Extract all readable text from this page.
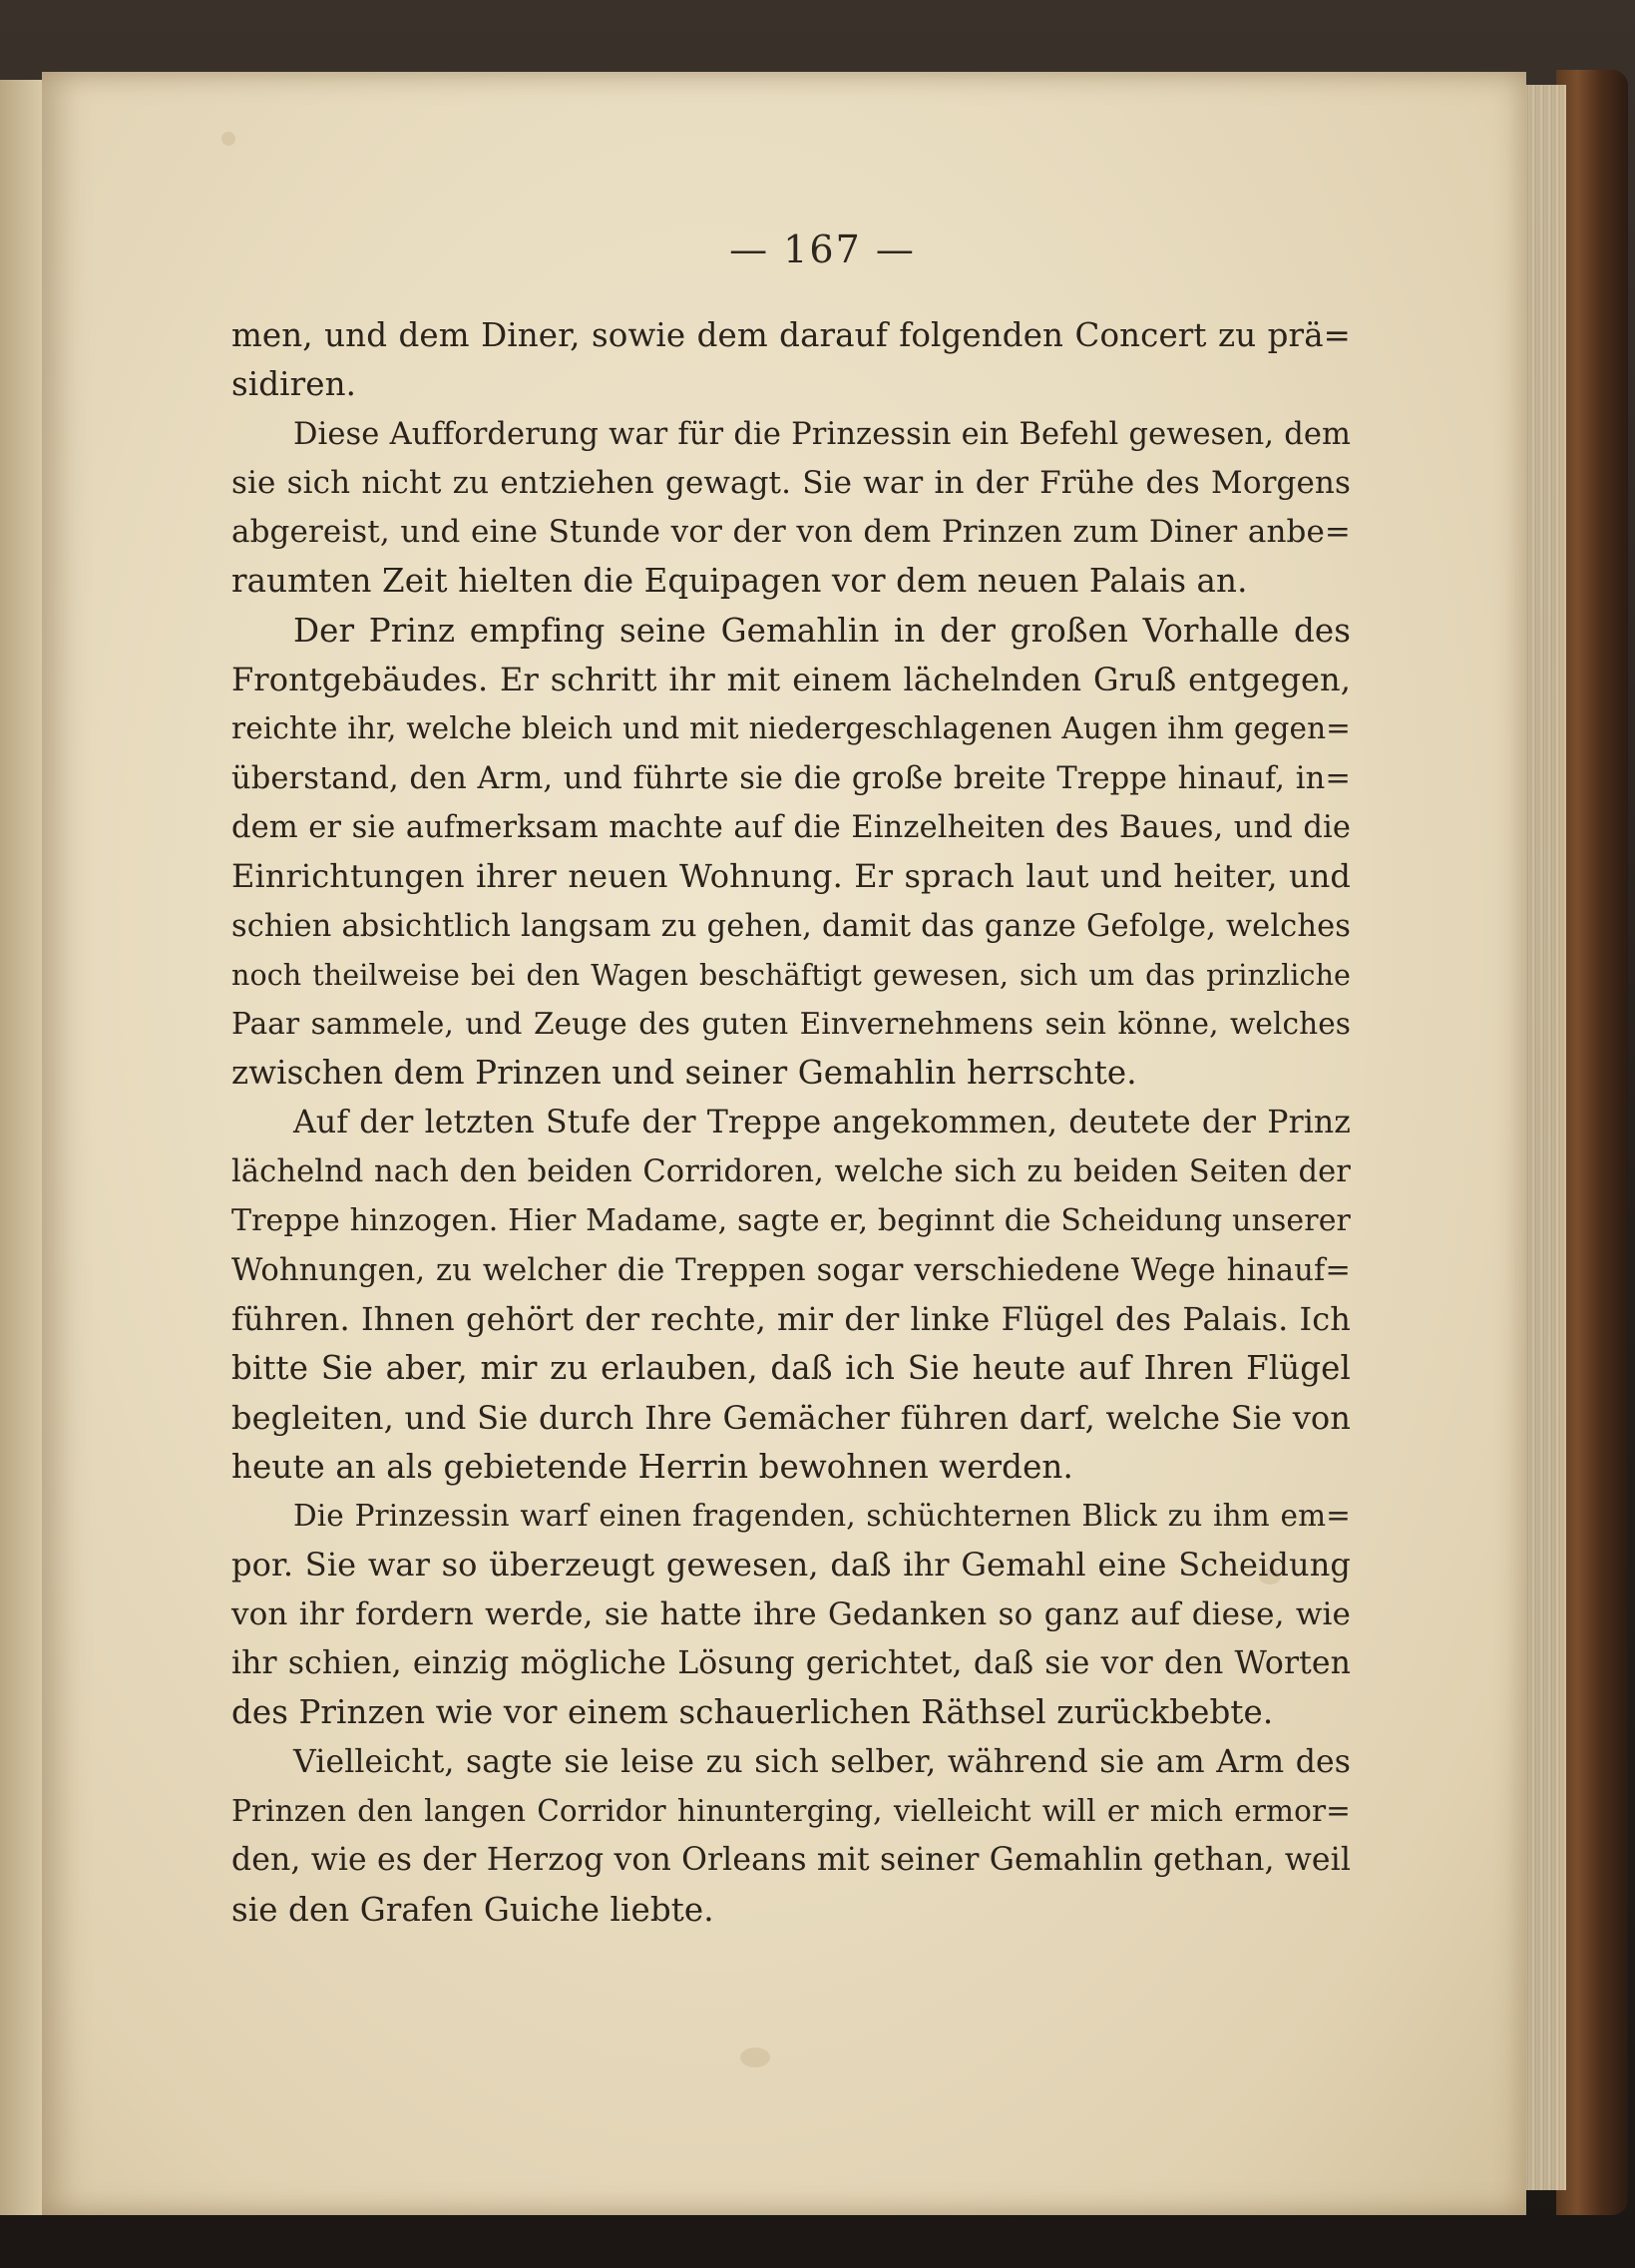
— 167 —
men, und dem Diner, sowie dem darauf folgenden Concert zu prä=
sidiren.
Diese Aufforderung war für die Prinzessin ein Befehl gewesen, dem
sie sich nicht zu entziehen gewagt. Sie war in der Frühe des Morgens
abgereist, und eine Stunde vor der von dem Prinzen zum Diner anbe=
raumten Zeit hielten die Equipagen vor dem neuen Palais an.
Der Prinz empfing seine Gemahlin in der großen Vorhalle des
Frontgebäudes. Er schritt ihr mit einem lächelnden Gruß entgegen,
reichte ihr, welche bleich und mit niedergeschlagenen Augen ihm gegen=
überstand, den Arm, und führte sie die große breite Treppe hinauf, in=
dem er sie aufmerksam machte auf die Einzelheiten des Baues, und die
Einrichtungen ihrer neuen Wohnung. Er sprach laut und heiter, und
schien absichtlich langsam zu gehen, damit das ganze Gefolge, welches
noch theilweise bei den Wagen beschäftigt gewesen, sich um das prinzliche
Paar sammele, und Zeuge des guten Einvernehmens sein könne, welches
zwischen dem Prinzen und seiner Gemahlin herrschte.
Auf der letzten Stufe der Treppe angekommen, deutete der Prinz
lächelnd nach den beiden Corridoren, welche sich zu beiden Seiten der
Treppe hinzogen. Hier Madame, sagte er, beginnt die Scheidung unserer
Wohnungen, zu welcher die Treppen sogar verschiedene Wege hinauf=
führen. Ihnen gehört der rechte, mir der linke Flügel des Palais. Ich
bitte Sie aber, mir zu erlauben, daß ich Sie heute auf Ihren Flügel
begleiten, und Sie durch Ihre Gemächer führen darf, welche Sie von
heute an als gebietende Herrin bewohnen werden.
Die Prinzessin warf einen fragenden, schüchternen Blick zu ihm em=
por. Sie war so überzeugt gewesen, daß ihr Gemahl eine Scheidung
von ihr fordern werde, sie hatte ihre Gedanken so ganz auf diese, wie
ihr schien, einzig mögliche Lösung gerichtet, daß sie vor den Worten
des Prinzen wie vor einem schauerlichen Räthsel zurückbebte.
Vielleicht, sagte sie leise zu sich selber, während sie am Arm des
Prinzen den langen Corridor hinunterging, vielleicht will er mich ermor=
den, wie es der Herzog von Orleans mit seiner Gemahlin gethan, weil
sie den Grafen Guiche liebte.
